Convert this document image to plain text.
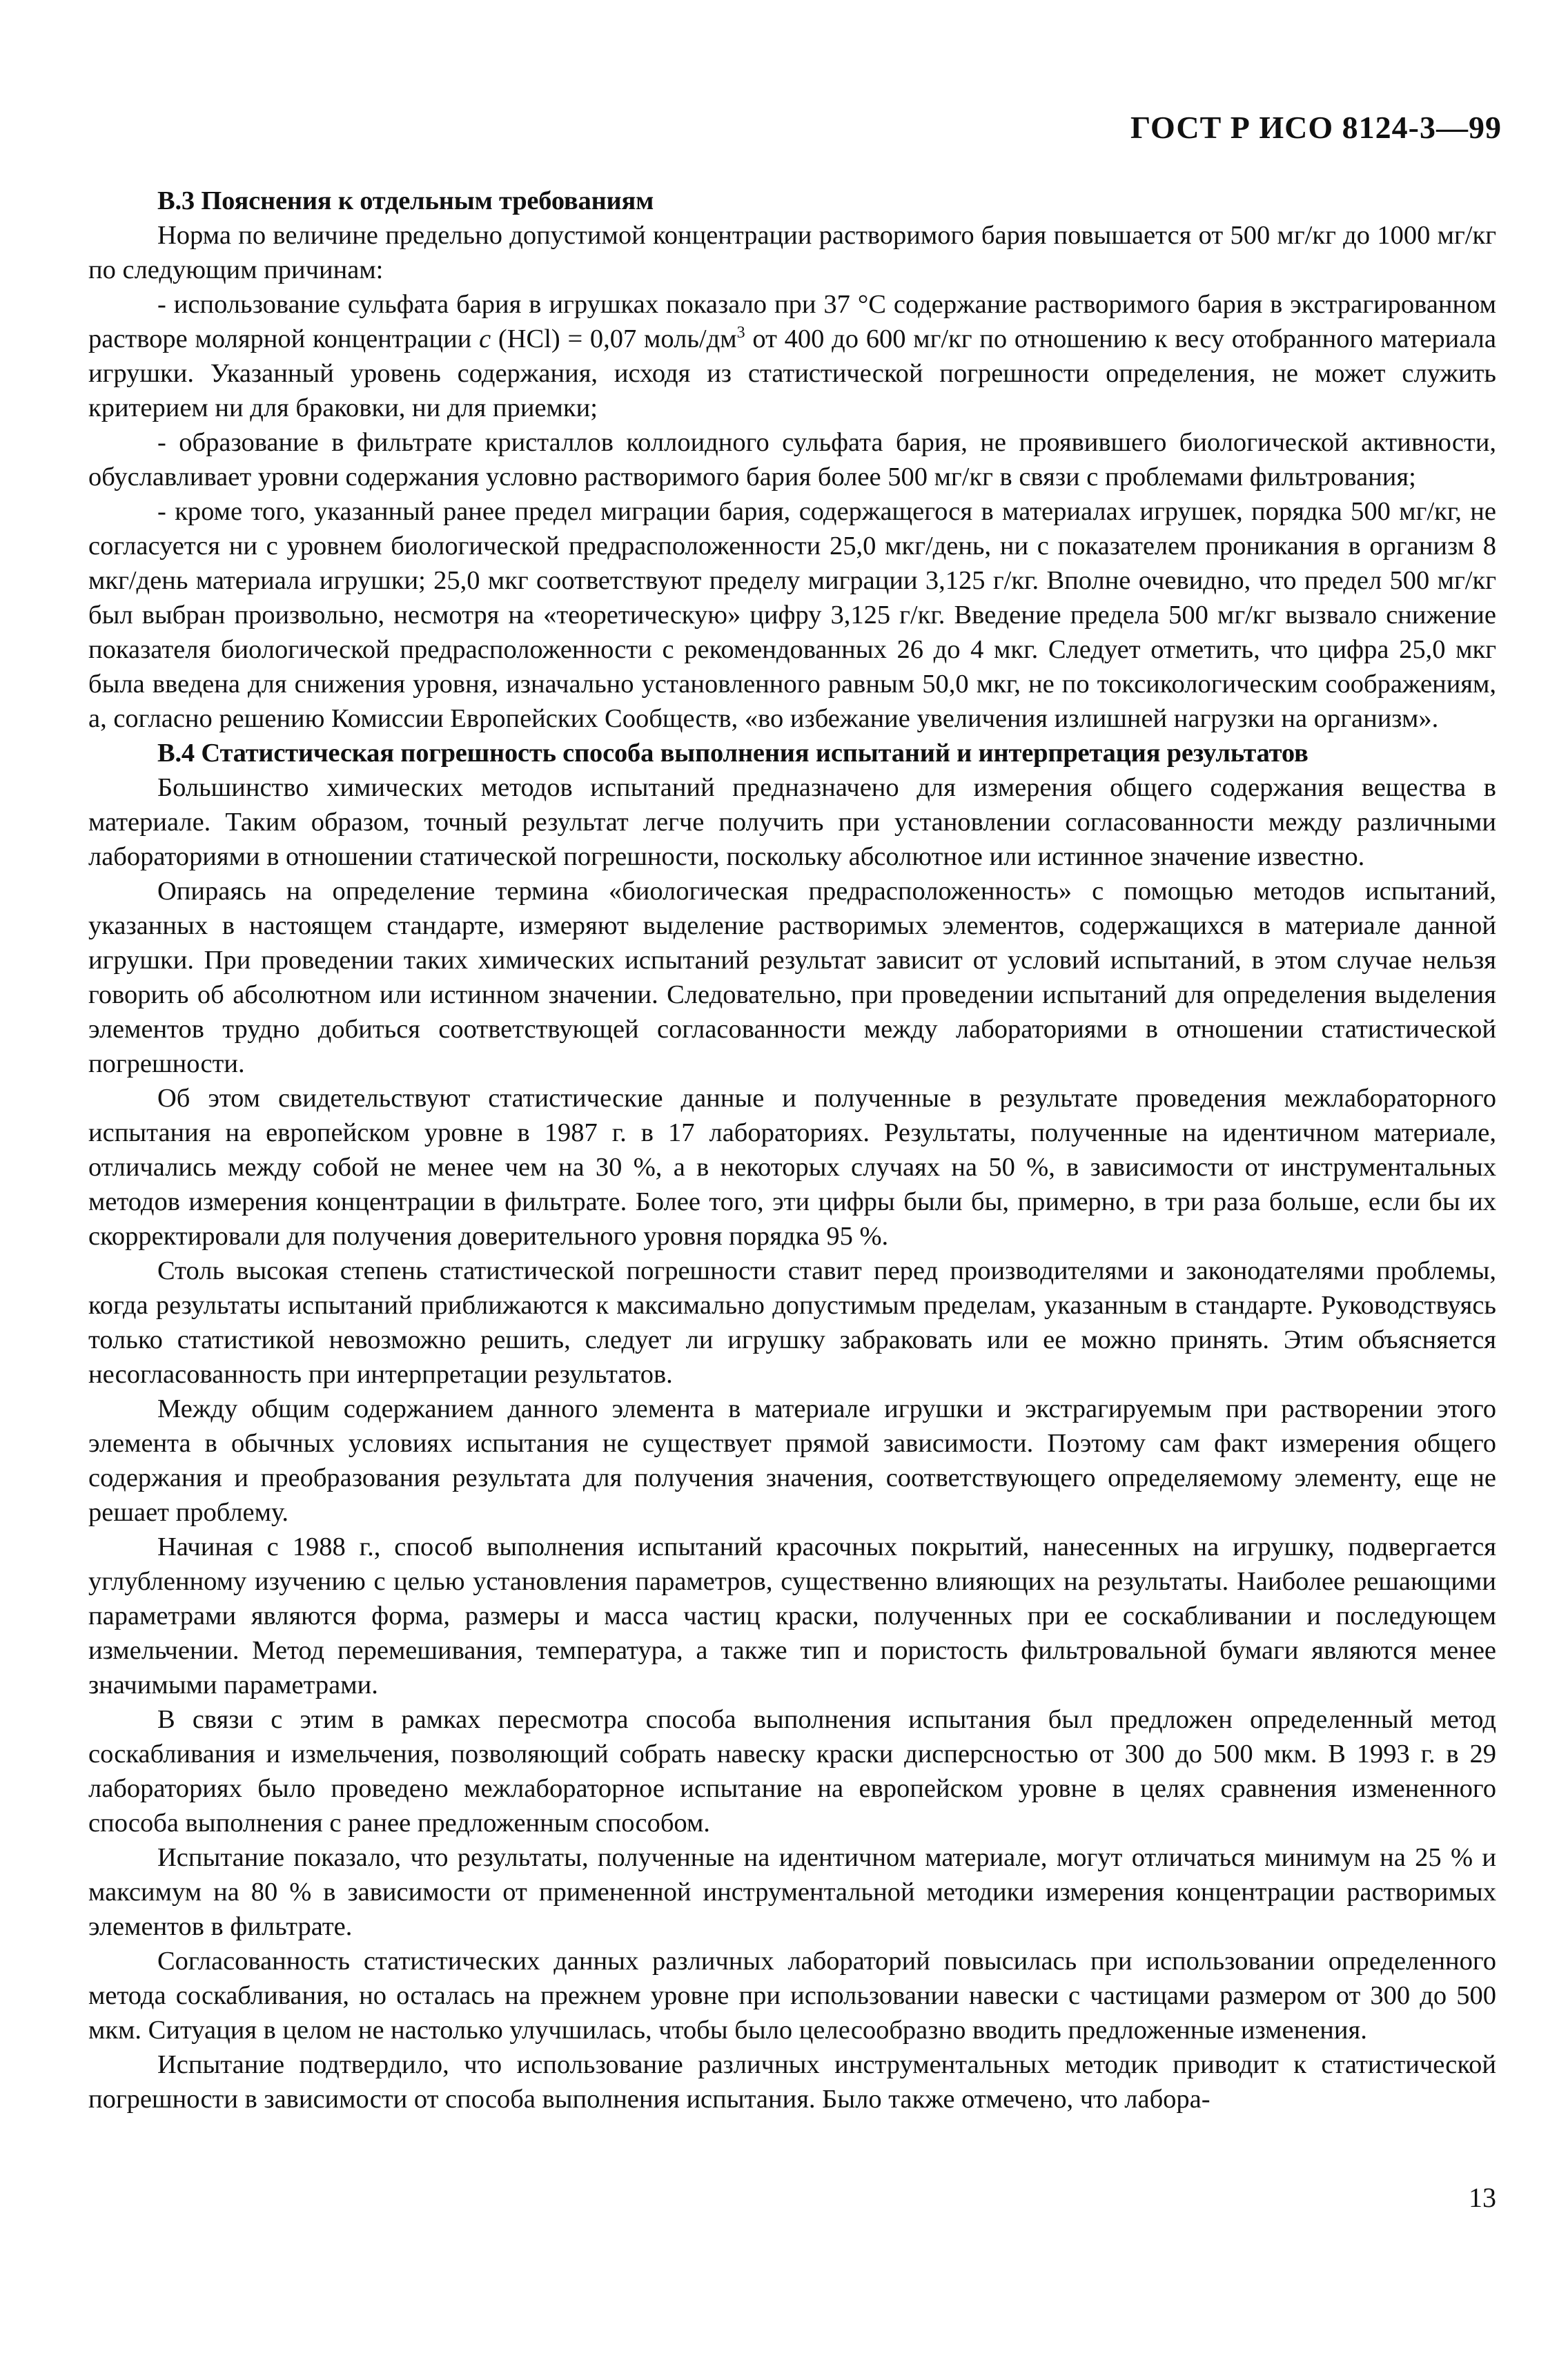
ГОСТ Р ИСО 8124-3—99

В.3 Пояснения к отдельным требованиям

Норма по величине предельно допустимой концентрации растворимого бария повышается от 500 мг/кг до 1000 мг/кг по следующим причинам:

- использование сульфата бария в игрушках показало при 37 °С содержание растворимого бария в экстрагированном растворе молярной концентрации с (HCl) = 0,07 моль/$дм^3$ от 400 до 600 мг/кг по отношению к весу отобранного материала игрушки. Указанный уровень содержания, исходя из статистической погрешности определения, не может служить критерием ни для браковки, ни для приемки;

- образование в фильтрате кристаллов коллоидного сульфата бария, не проявившего биологической активности, обуславливает уровни содержания условно растворимого бария более 500 мг/кг в связи с проблемами фильтрования;

- кроме того, указанный ранее предел миграции бария, содержащегося в материалах игрушек, порядка 500 мг/кг, не согласуется ни с уровнем биологической предрасположенности 25,0 мкг/день, ни с показателем проникания в организм 8 мкг/день материала игрушки; 25,0 мкг соответствуют пределу миграции 3,125 г/кг. Вполне очевидно, что предел 500 мг/кг был выбран произвольно, несмотря на «теоретическую» цифру 3,125 г/кг. Введение предела 500 мг/кг вызвало снижение показателя биологической предрасположенности с рекомендованных 26 до 4 мкг. Следует отметить, что цифра 25,0 мкг была введена для снижения уровня, изначально установленного равным 50,0 мкг, не по токсикологическим соображениям, а, согласно решению Комиссии Европейских Сообществ, «во избежание увеличения излишней нагрузки на организм».

В.4 Статистическая погрешность способа выполнения испытаний и интерпретация результатов

Большинство химических методов испытаний предназначено для измерения общего содержания вещества в материале. Таким образом, точный результат легче получить при установлении согласованности между различными лабораториями в отношении статической погрешности, поскольку абсолютное или истинное значение известно.

Опираясь на определение термина «биологическая предрасположенность» с помощью методов испытаний, указанных в настоящем стандарте, измеряют выделение растворимых элементов, содержащихся в материале данной игрушки. При проведении таких химических испытаний результат зависит от условий испытаний, в этом случае нельзя говорить об абсолютном или истинном значении. Следовательно, при проведении испытаний для определения выделения элементов трудно добиться соответствующей согласованности между лабораториями в отношении статистической погрешности.

Об этом свидетельствуют статистические данные и полученные в результате проведения межлабораторного испытания на европейском уровне в 1987 г. в 17 лабораториях. Результаты, полученные на идентичном материале, отличались между собой не менее чем на 30 %, а в некоторых случаях на 50 %, в зависимости от инструментальных методов измерения концентрации в фильтрате. Более того, эти цифры были бы, примерно, в три раза больше, если бы их скорректировали для получения доверительного уровня порядка 95 %.

Столь высокая степень статистической погрешности ставит перед производителями и законодателями проблемы, когда результаты испытаний приближаются к максимально допустимым пределам, указанным в стандарте. Руководствуясь только статистикой невозможно решить, следует ли игрушку забраковать или ее можно принять. Этим объясняется несогласованность при интерпретации результатов.

Между общим содержанием данного элемента в материале игрушки и экстрагируемым при растворении этого элемента в обычных условиях испытания не существует прямой зависимости. Поэтому сам факт измерения общего содержания и преобразования результата для получения значения, соответствующего определяемому элементу, еще не решает проблему.

Начиная с 1988 г., способ выполнения испытаний красочных покрытий, нанесенных на игрушку, подвергается углубленному изучению с целью установления параметров, существенно влияющих на результаты. Наиболее решающими параметрами являются форма, размеры и масса частиц краски, полученных при ее соскабливании и последующем измельчении. Метод перемешивания, температура, а также тип и пористость фильтровальной бумаги являются менее значимыми параметрами.

В связи с этим в рамках пересмотра способа выполнения испытания был предложен определенный метод соскабливания и измельчения, позволяющий собрать навеску краски дисперсностью от 300 до 500 мкм. В 1993 г. в 29 лабораториях было проведено межлабораторное испытание на европейском уровне в целях сравнения измененного способа выполнения с ранее предложенным способом.

Испытание показало, что результаты, полученные на идентичном материале, могут отличаться минимум на 25 % и максимум на 80 % в зависимости от примененной инструментальной методики измерения концентрации растворимых элементов в фильтрате.

Согласованность статистических данных различных лабораторий повысилась при использовании определенного метода соскабливания, но осталась на прежнем уровне при использовании навески с частицами размером от 300 до 500 мкм. Ситуация в целом не настолько улучшилась, чтобы было целесообразно вводить предложенные изменения.

Испытание подтвердило, что использование различных инструментальных методик приводит к статистической погрешности в зависимости от способа выполнения испытания. Было также отмечено, что лабора-

13
